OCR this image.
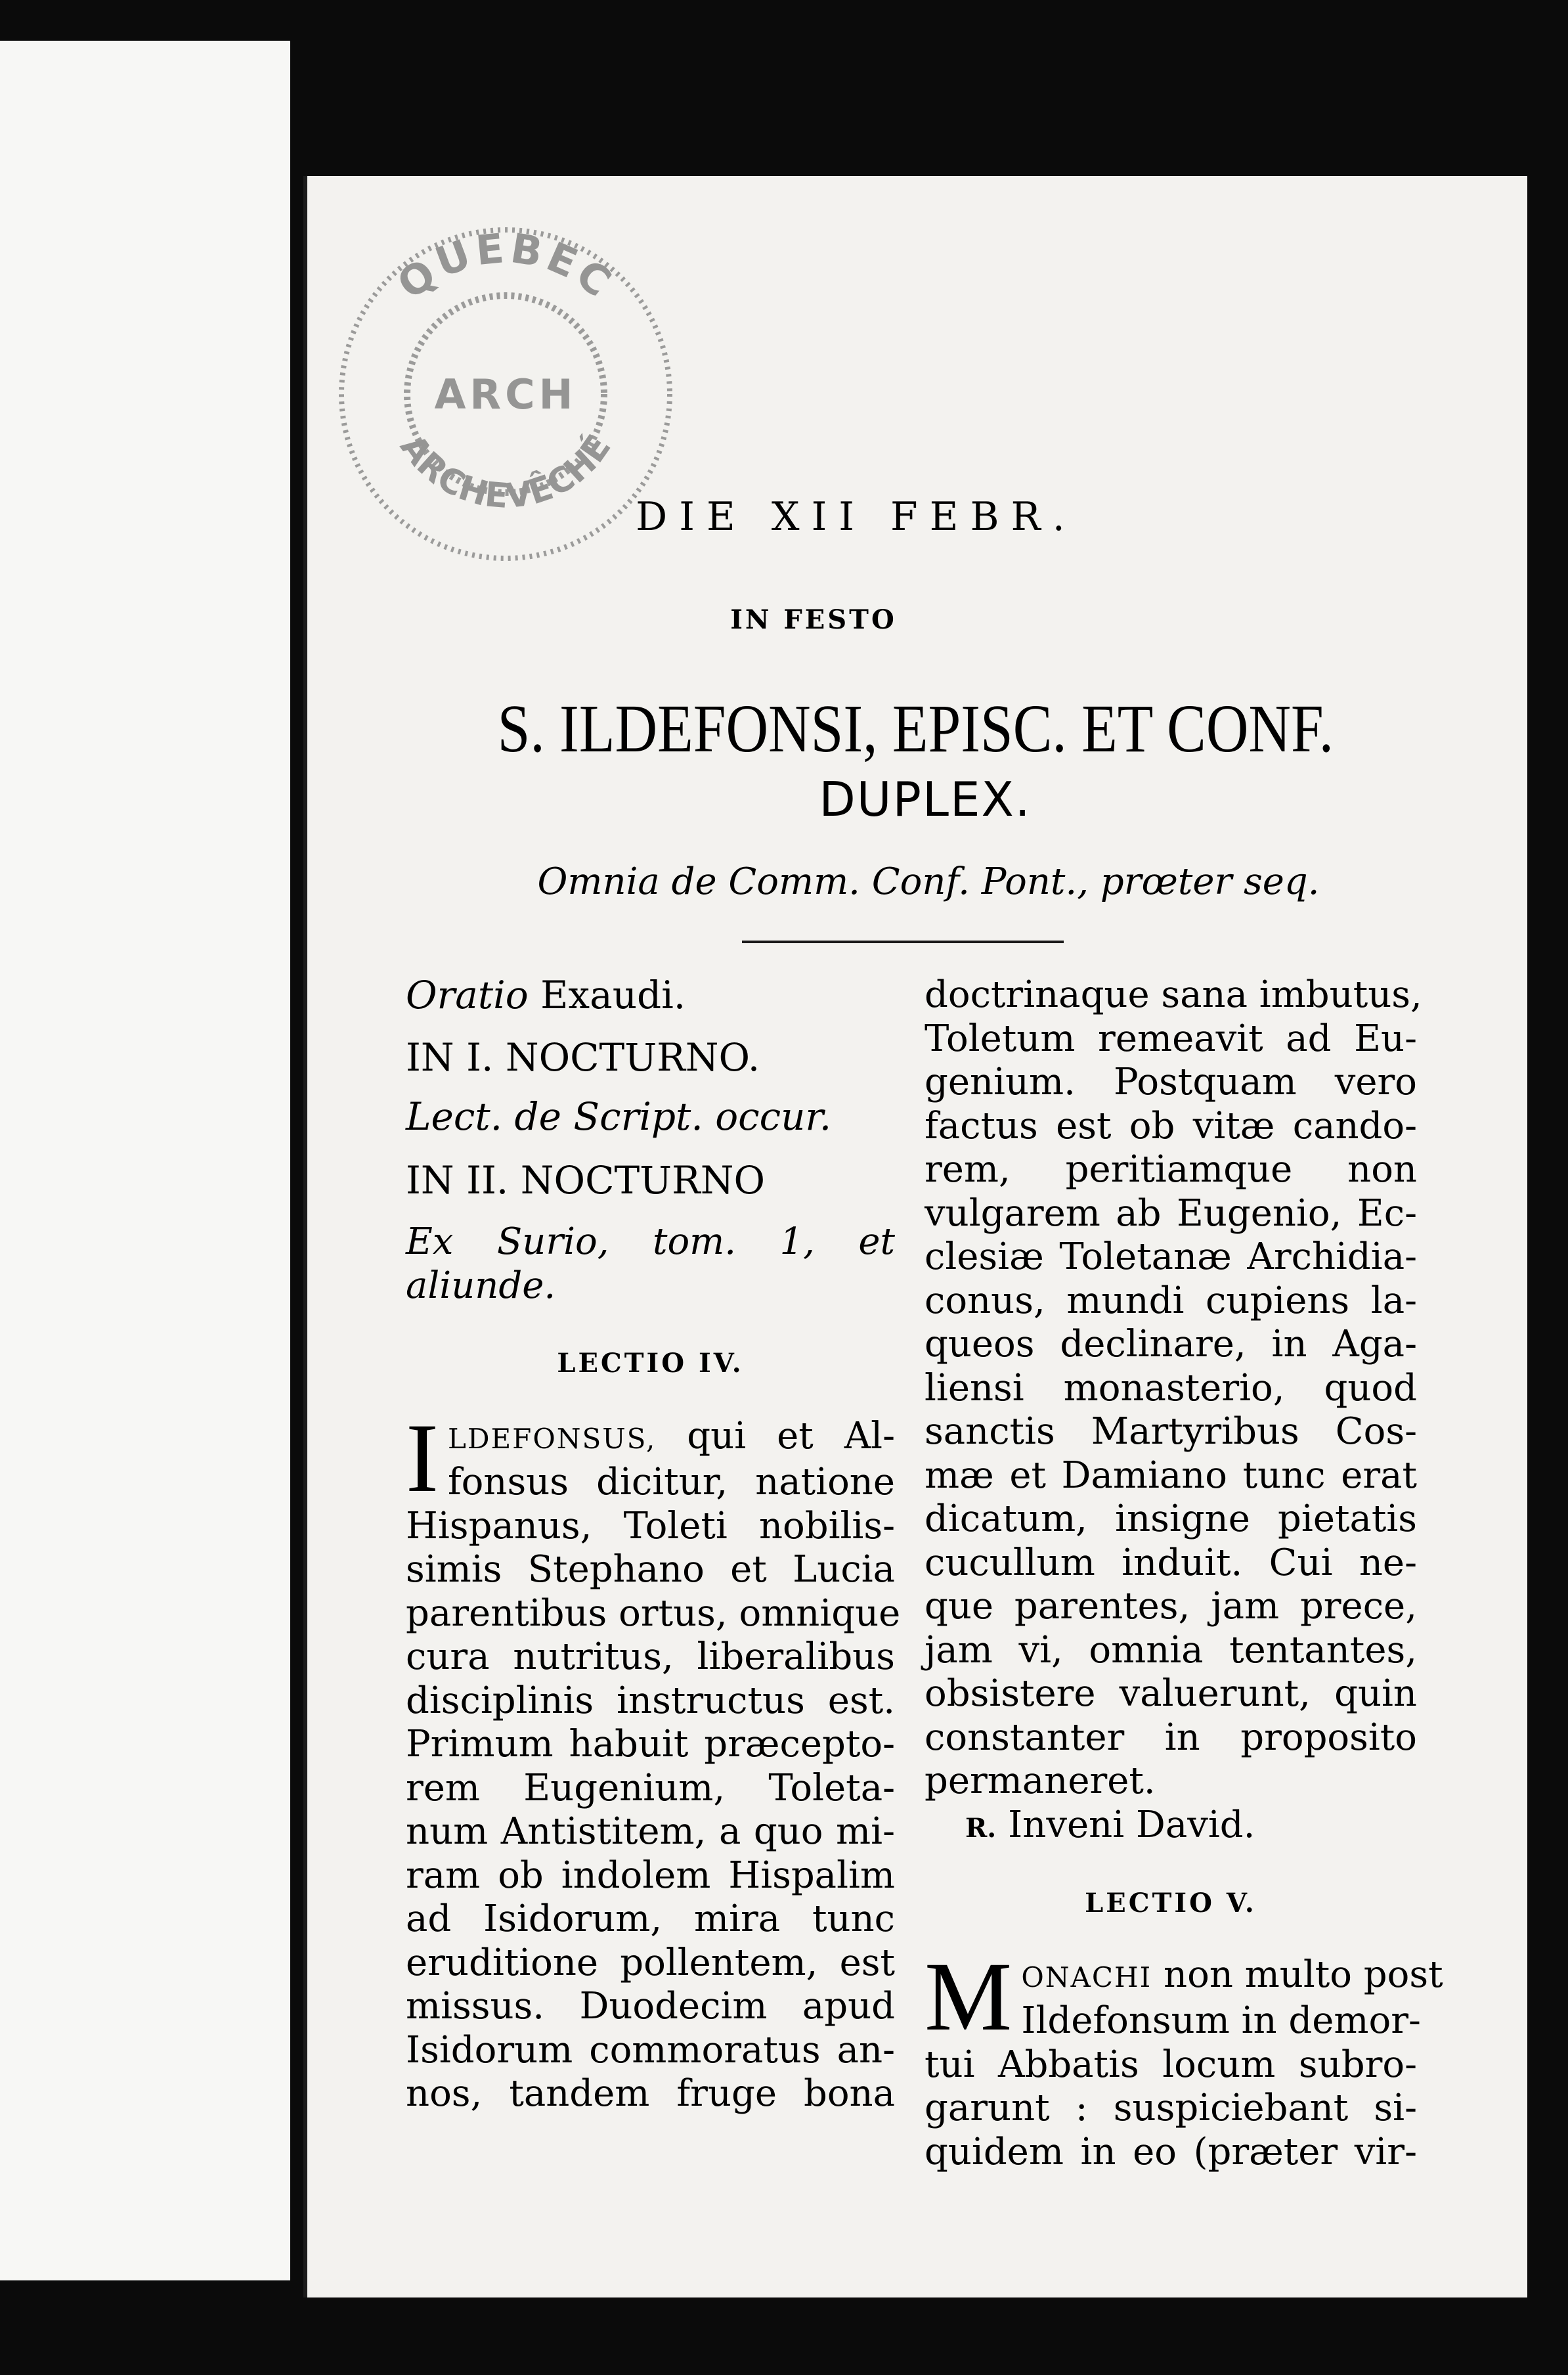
QUEBEC
ARCHEVÊCHÉ
ARCH
DIE XII FEBR.
IN FESTO
S. ILDEFONSI, EPISC. ET CONF.
DUPLEX.
Omnia de Comm. Conf. Pont., prœter seq.
Oratio Exaudi.
IN I. NOCTURNO.
Lect. de Script. occur.
IN II. NOCTURNO
Ex Surio, tom. 1, et
aliunde.
LECTIO IV.
I LDEFONSUS, qui et Al-
fonsus dicitur, natione
Hispanus, Toleti nobilis-
simis Stephano et Lucia
parentibus ortus, omnique
cura nutritus, liberalibus
disciplinis instructus est.
Primum habuit præcepto-
rem Eugenium, Toleta-
num Antistitem, a quo mi-
ram ob indolem Hispalim
ad Isidorum, mira tunc
eruditione pollentem, est
missus. Duodecim apud
Isidorum commoratus an-
nos, tandem fruge bona
doctrinaque sana imbutus,
Toletum remeavit ad Eu-
genium. Postquam vero
factus est ob vitæ cando-
rem, peritiamque non
vulgarem ab Eugenio, Ec-
clesiæ Toletanæ Archidia-
conus, mundi cupiens la-
queos declinare, in Aga-
liensi monasterio, quod
sanctis Martyribus Cos-
mæ et Damiano tunc erat
dicatum, insigne pietatis
cucullum induit. Cui ne-
que parentes, jam prece,
jam vi, omnia tentantes,
obsistere valuerunt, quin
constanter in proposito
permaneret.
R. Inveni David.
LECTIO V.
M ONACHI non multo post
Ildefonsum in demor-
tui Abbatis locum subro-
garunt : suspiciebant si-
quidem in eo (præter vir-
